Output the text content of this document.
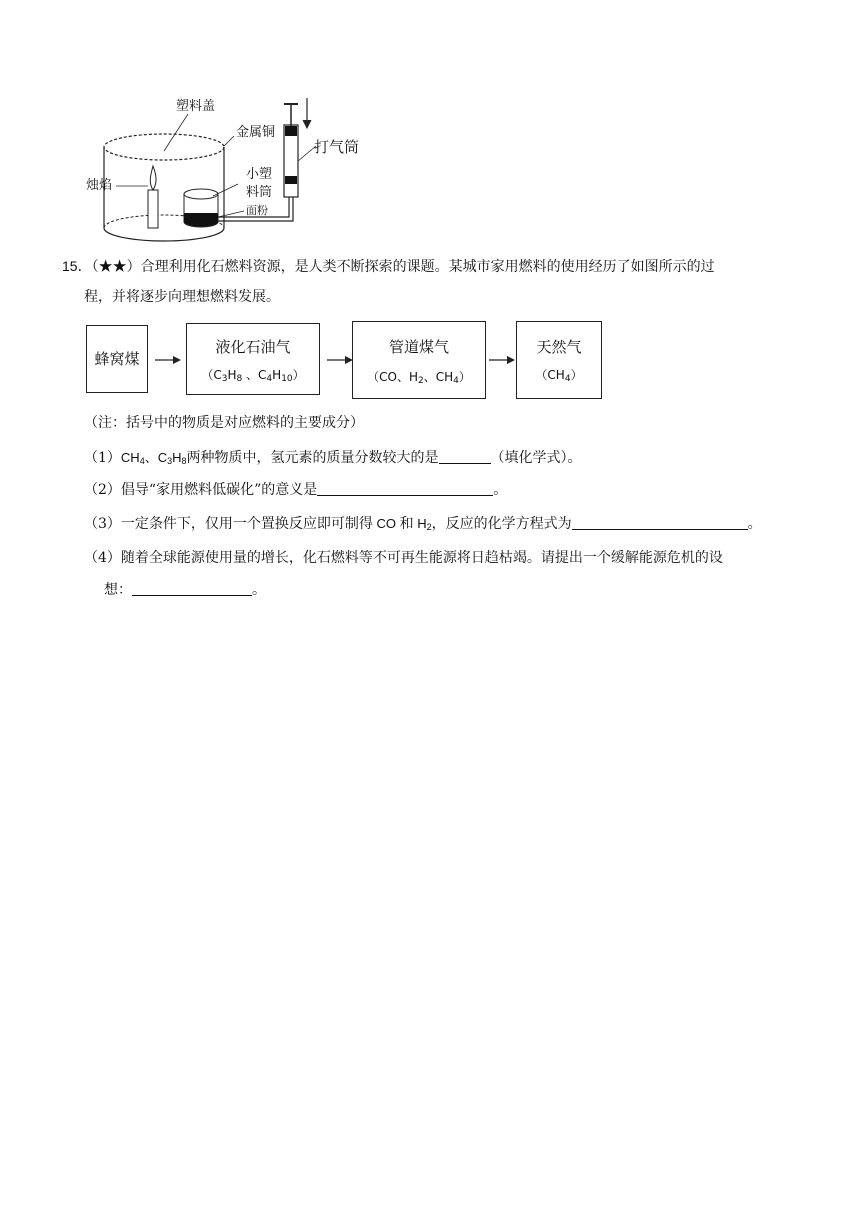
塑料盖
金属铜
打气筒
烛焰
小塑
料筒
面粉
15．（★★）合理利用化石燃料资源，是人类不断探索的课题。某城市家用燃料的使用经历了如图所示的过
程，并将逐步向理想燃料发展。
蜂窝煤
液化石油气
（$C_3H_8$ 、$C_4H_{10}$）
管道煤气
（CO、$H_2$、$CH_4$）
天然气
$(CH_4)$
（注：括号中的物质是对应燃料的主要成分）
$(1)CH_4$、$C_3H_8$两种物质中，氢元素的质量分数较大的是	（填化学式）。
（2）倡导“家用燃料低碳化”的意义是	。
（3）一定条件下，仅用一个置换反应即可制得 CO 和 $H_2$，反应的化学方程式为	。
（4）随着全球能源使用量的增长，化石燃料等不可再生能源将日趋枯竭。请提出一个缓解能源危机的设
想：	。
